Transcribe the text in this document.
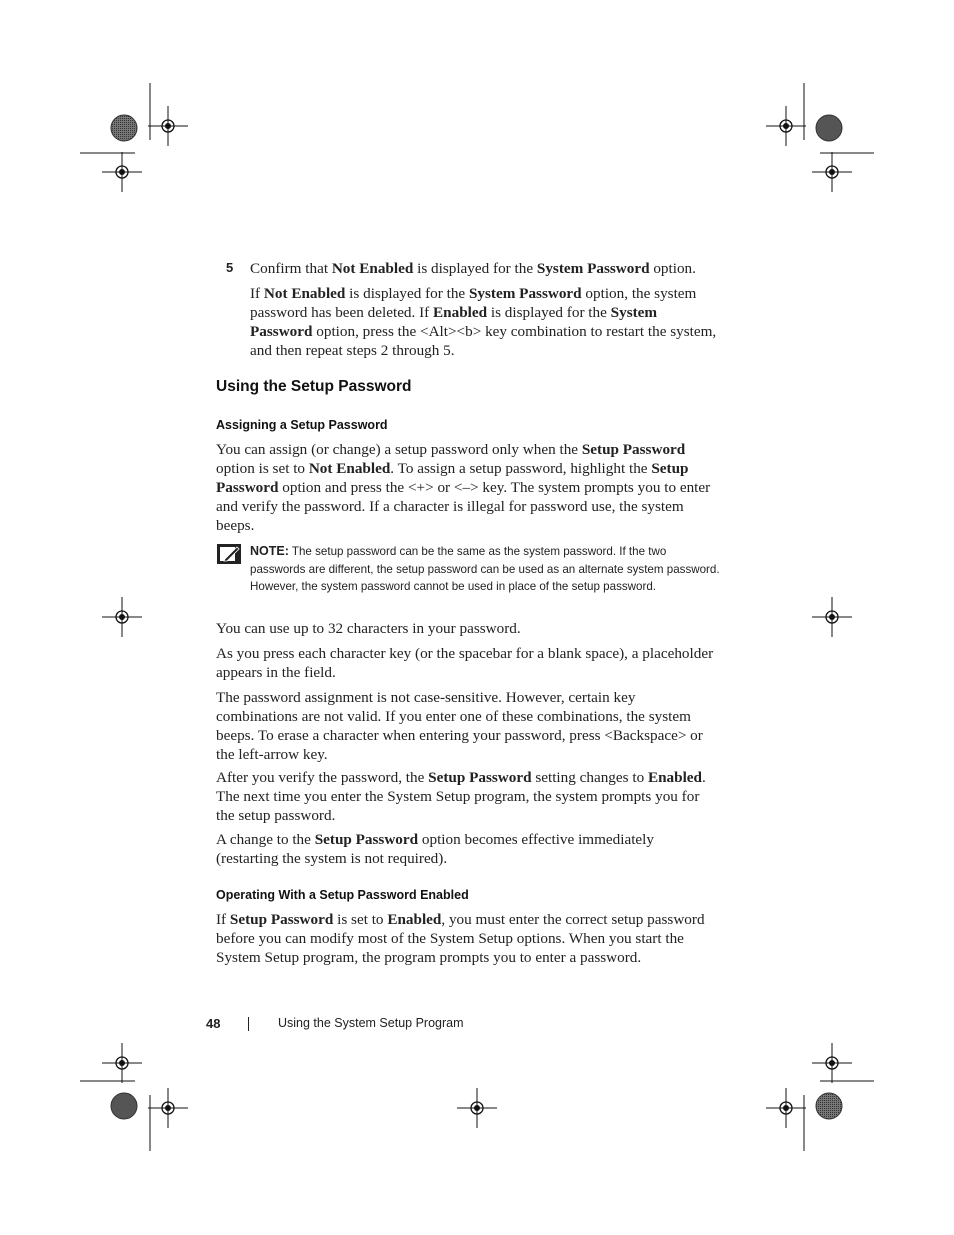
5 Confirm that Not Enabled is displayed for the System Password option.
If Not Enabled is displayed for the System Password option, the system password has been deleted. If Enabled is displayed for the System Password option, press the <Alt><b> key combination to restart the system, and then repeat steps 2 through 5.
Using the Setup Password
Assigning a Setup Password
You can assign (or change) a setup password only when the Setup Password option is set to Not Enabled. To assign a setup password, highlight the Setup Password option and press the <+> or <–> key. The system prompts you to enter and verify the password. If a character is illegal for password use, the system beeps.
NOTE: The setup password can be the same as the system password. If the two passwords are different, the setup password can be used as an alternate system password. However, the system password cannot be used in place of the setup password.
You can use up to 32 characters in your password.
As you press each character key (or the spacebar for a blank space), a placeholder appears in the field.
The password assignment is not case-sensitive. However, certain key combinations are not valid. If you enter one of these combinations, the system beeps. To erase a character when entering your password, press <Backspace> or the left-arrow key.
After you verify the password, the Setup Password setting changes to Enabled. The next time you enter the System Setup program, the system prompts you for the setup password.
A change to the Setup Password option becomes effective immediately (restarting the system is not required).
Operating With a Setup Password Enabled
If Setup Password is set to Enabled, you must enter the correct setup password before you can modify most of the System Setup options. When you start the System Setup program, the program prompts you to enter a password.
48	Using the System Setup Program
